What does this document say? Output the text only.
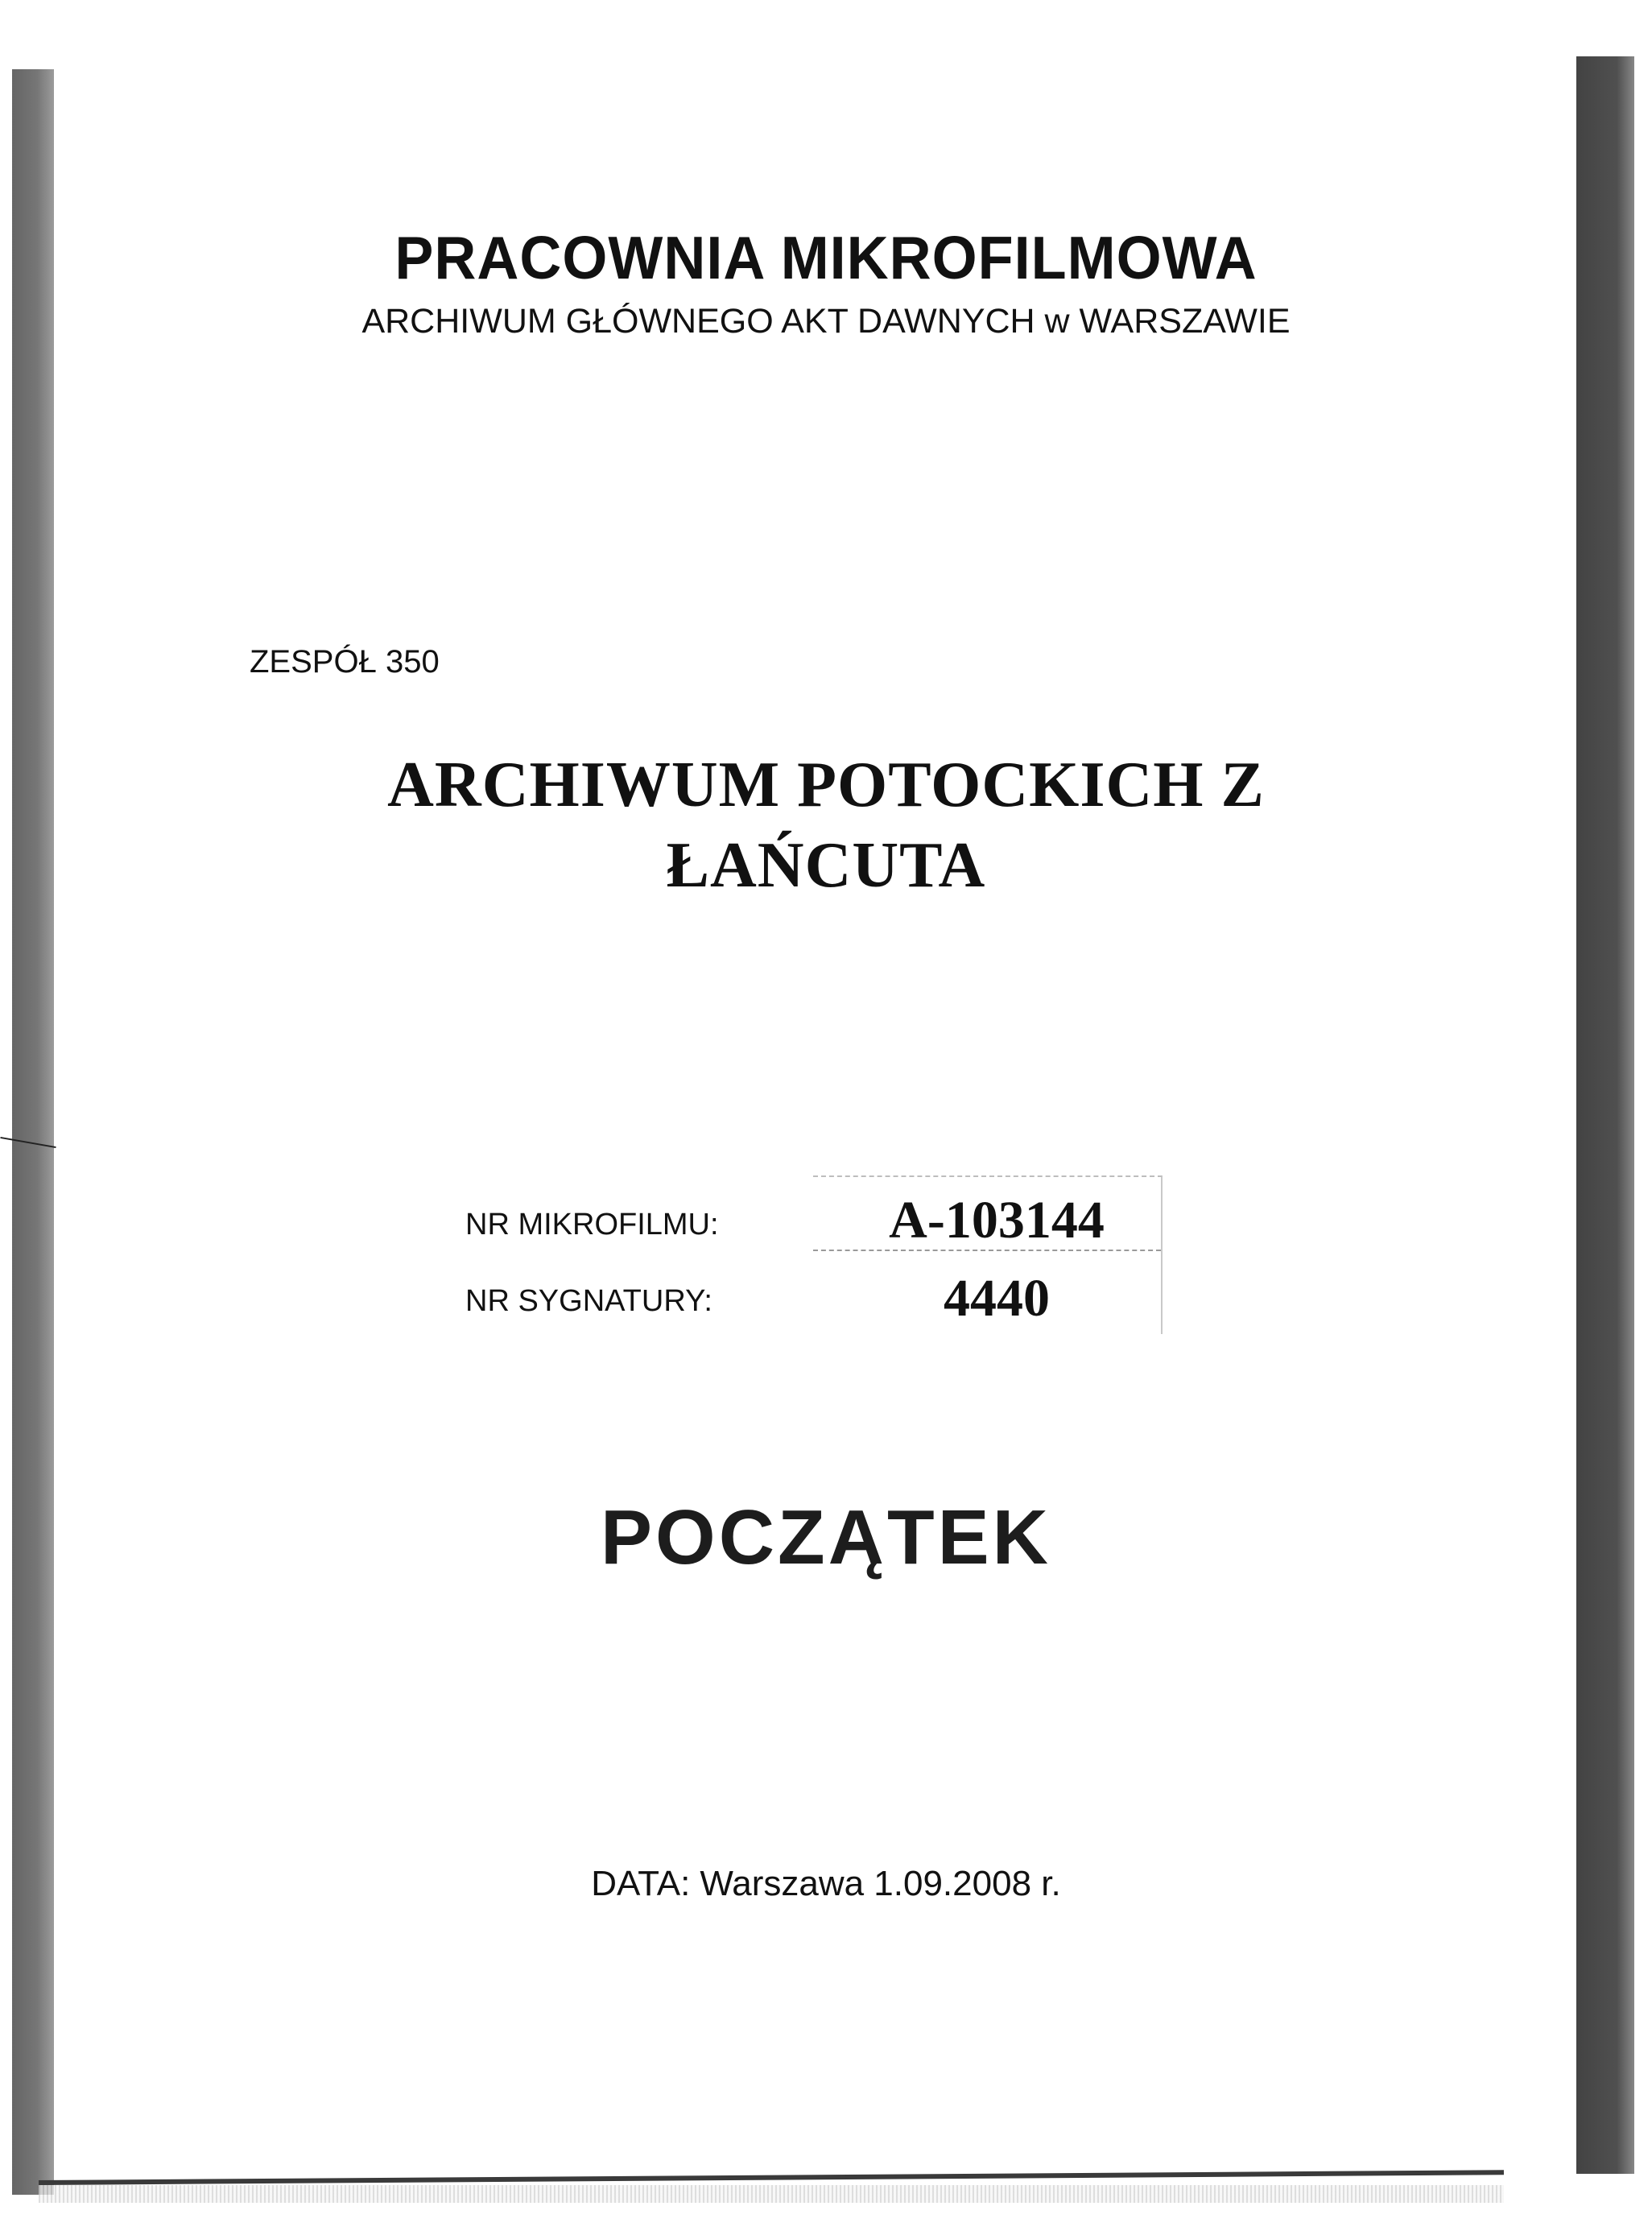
PRACOWNIA MIKROFILMOWA
ARCHIWUM GŁÓWNEGO AKT DAWNYCH w WARSZAWIE
ZESPÓŁ 350
ARCHIWUM POTOCKICH Z
ŁAŃCUTA
NR MIKROFILMU:	A-103144
NR SYGNATURY:	4440
POCZĄTEK
DATA: Warszawa 1.09.2008 r.
